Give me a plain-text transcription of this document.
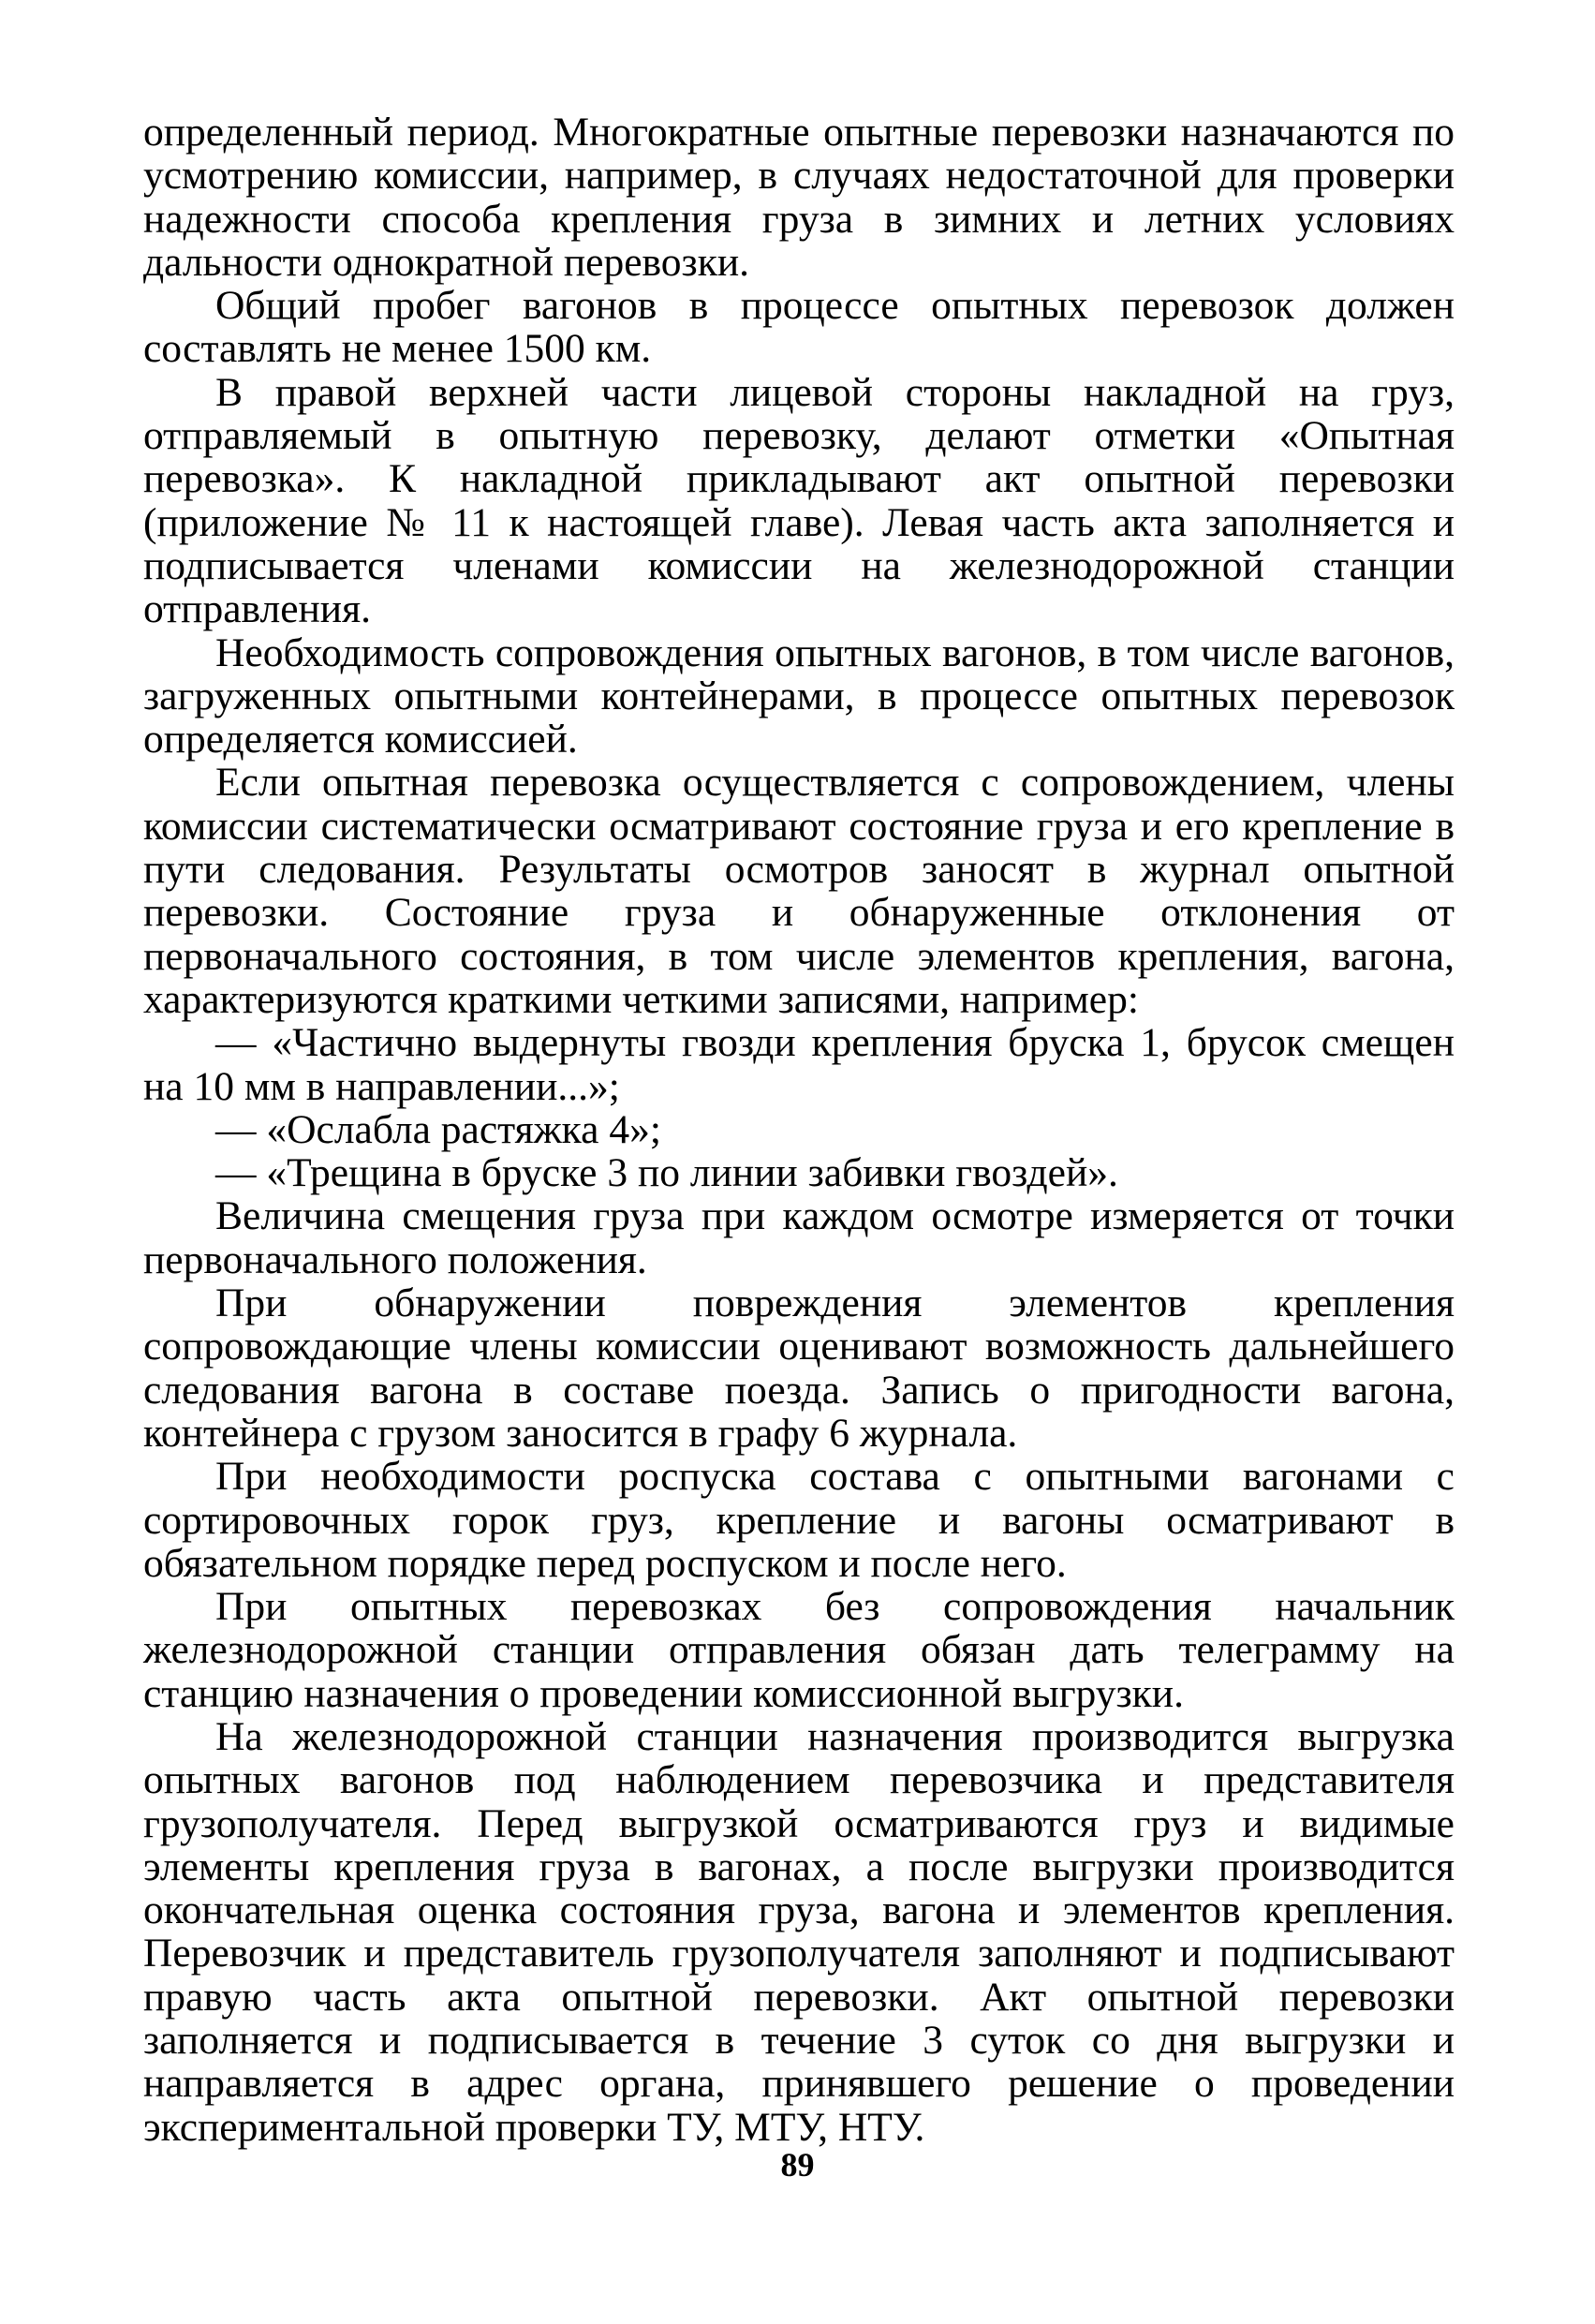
определенный период. Многократные опытные перевозки назначаются по усмотрению комиссии, например, в случаях недостаточной для проверки надежности способа крепления груза в зимних и летних условиях дальности однократной перевозки.

Общий пробег вагонов в процессе опытных перевозок должен составлять не менее 1500 км.

В правой верхней части лицевой стороны накладной на груз, отправляемый в опытную перевозку, делают отметки «Опытная перевозка». К накладной прикладывают акт опытной перевозки (приложение № 11 к настоящей главе). Левая часть акта заполняется и подписывается членами комиссии на железнодорожной станции отправления.

Необходимость сопровождения опытных вагонов, в том числе вагонов, загруженных опытными контейнерами, в процессе опытных перевозок определяется комиссией.

Если опытная перевозка осуществляется с сопровождением, члены комиссии систематически осматривают состояние груза и его крепление в пути следования. Результаты осмотров заносят в журнал опытной перевозки. Состояние груза и обнаруженные отклонения от первоначального состояния, в том числе элементов крепления, вагона, характеризуются краткими четкими записями, например:

— «Частично выдернуты гвозди крепления бруска 1, брусок смещен на 10 мм в направлении...»;

— «Ослабла растяжка 4»;

— «Трещина в бруске 3 по линии забивки гвоздей».

Величина смещения груза при каждом осмотре измеряется от точки первоначального положения.

При обнаружении повреждения элементов крепления сопровождающие члены комиссии оценивают возможность дальнейшего следования вагона в составе поезда. Запись о пригодности вагона, контейнера с грузом заносится в графу 6 журнала.

При необходимости роспуска состава с опытными вагонами с сортировочных горок груз, крепление и вагоны осматривают в обязательном порядке перед роспуском и после него.

При опытных перевозках без сопровождения начальник железнодорожной станции отправления обязан дать телеграмму на станцию назначения о проведении комиссионной выгрузки.

На железнодорожной станции назначения производится выгрузка опытных вагонов под наблюдением перевозчика и представителя грузополучателя. Перед выгрузкой осматриваются груз и видимые элементы крепления груза в вагонах, а после выгрузки производится окончательная оценка состояния груза, вагона и элементов крепления. Перевозчик и представитель грузополучателя заполняют и подписывают правую часть акта опытной перевозки. Акт опытной перевозки заполняется и подписывается в течение 3 суток со дня выгрузки и направляется в адрес органа, принявшего решение о проведении экспериментальной проверки ТУ, МТУ, НТУ.

89
